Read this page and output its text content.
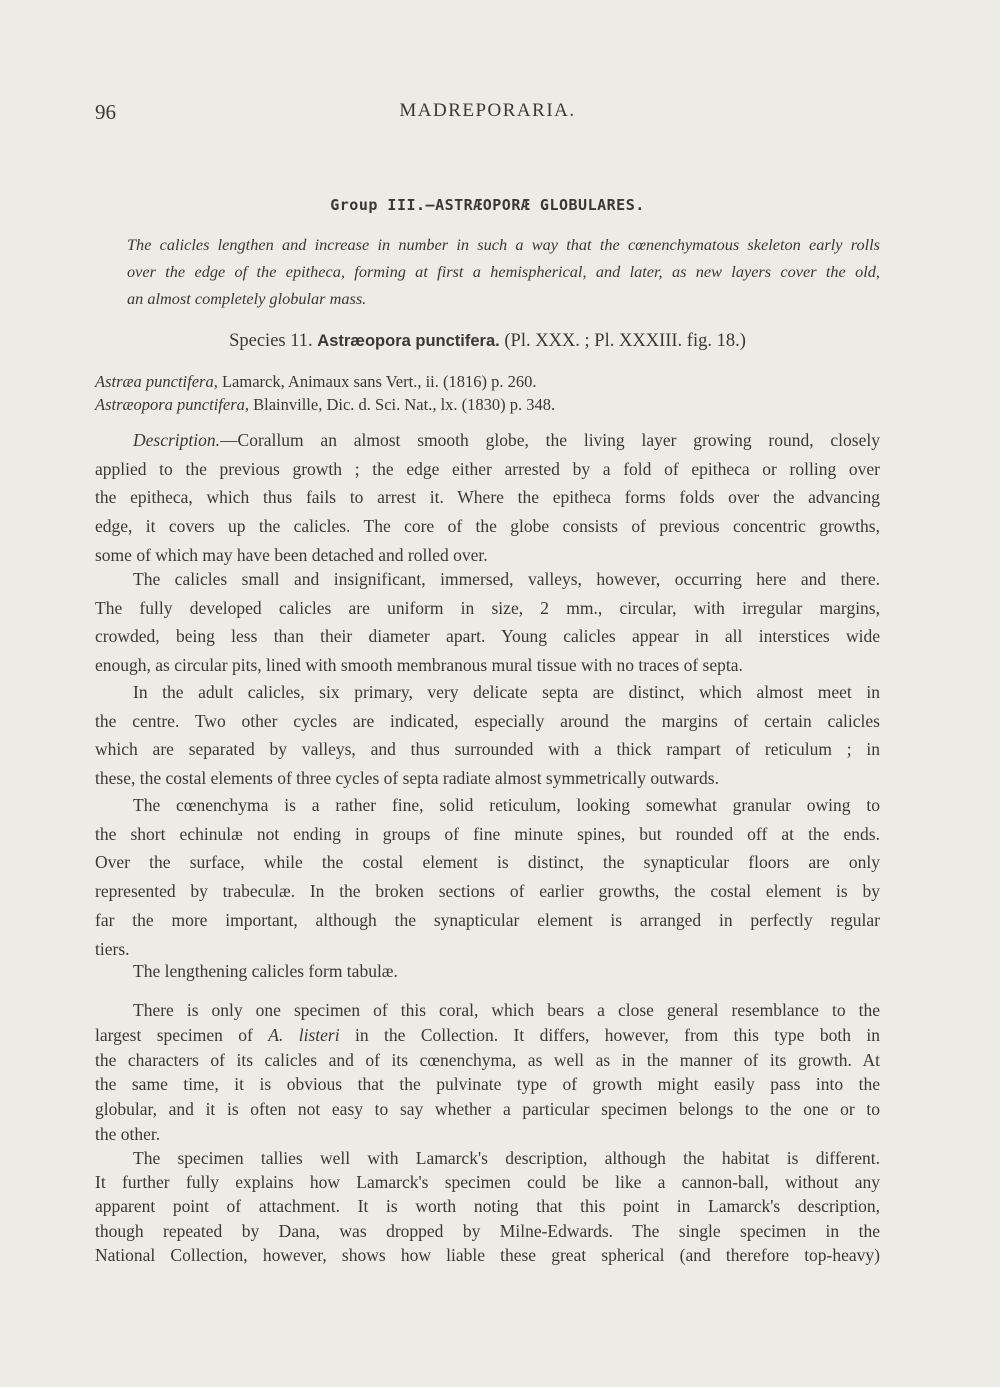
96	MADREPORARIA.
Group III.—ASTRÆOPORÆ GLOBULARES.
The calicles lengthen and increase in number in such a way that the cœnenchymatous skeleton early rolls
over the edge of the epitheca, forming at first a hemispherical, and later, as new layers cover the old,
an almost completely globular mass.
Species 11. Astræopora punctifera. (Pl. XXX. ; Pl. XXXIII. fig. 18.)
Astræa punctifera, Lamarck, Animaux sans Vert., ii. (1816) p. 260.
Astræopora punctifera, Blainville, Dic. d. Sci. Nat., lx. (1830) p. 348.
Description.—Corallum an almost smooth globe, the living layer growing round, closely
applied to the previous growth ; the edge either arrested by a fold of epitheca or rolling over
the epitheca, which thus fails to arrest it. Where the epitheca forms folds over the advancing
edge, it covers up the calicles. The core of the globe consists of previous concentric growths,
some of which may have been detached and rolled over.
The calicles small and insignificant, immersed, valleys, however, occurring here and there.
The fully developed calicles are uniform in size, 2 mm., circular, with irregular margins,
crowded, being less than their diameter apart. Young calicles appear in all interstices wide
enough, as circular pits, lined with smooth membranous mural tissue with no traces of septa.
In the adult calicles, six primary, very delicate septa are distinct, which almost meet in
the centre. Two other cycles are indicated, especially around the margins of certain calicles
which are separated by valleys, and thus surrounded with a thick rampart of reticulum ; in
these, the costal elements of three cycles of septa radiate almost symmetrically outwards.
The cœnenchyma is a rather fine, solid reticulum, looking somewhat granular owing to
the short echinulæ not ending in groups of fine minute spines, but rounded off at the ends.
Over the surface, while the costal element is distinct, the synapticular floors are only
represented by trabeculæ. In the broken sections of earlier growths, the costal element is by
far the more important, although the synapticular element is arranged in perfectly regular
tiers.
The lengthening calicles form tabulæ.
There is only one specimen of this coral, which bears a close general resemblance to the
largest specimen of A. listeri in the Collection. It differs, however, from this type both in
the characters of its calicles and of its cœnenchyma, as well as in the manner of its growth. At
the same time, it is obvious that the pulvinate type of growth might easily pass into the
globular, and it is often not easy to say whether a particular specimen belongs to the one or to
the other.
The specimen tallies well with Lamarck's description, although the habitat is different.
It further fully explains how Lamarck's specimen could be like a cannon-ball, without any
apparent point of attachment. It is worth noting that this point in Lamarck's description,
though repeated by Dana, was dropped by Milne-Edwards. The single specimen in the
National Collection, however, shows how liable these great spherical (and therefore top-heavy)
